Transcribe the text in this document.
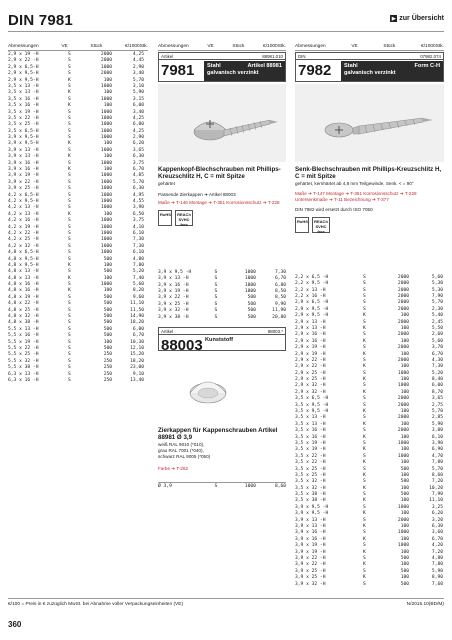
DIN 7981	▶ zur Übersicht
Abmessungen	VE	Stück	€/1000Stk.
2,9 x 19 -H	S	2000	4,25
2,9 x 22 -H	S	2000	4,45
2,9 x 6,5-H	S	1000	2,90
2,9 x 9,5-H	S	2000	3,40
2,9 x 9,5-H	K	100	5,70
3,5 x 13 -H	S	1000	3,10
3,5 x 13 -H	K	100	5,90
3,5 x 16 -H	S	1000	3,15
3,5 x 16 -H	K	100	6,00
3,5 x 19 -H	S	1000	3,40
3,5 x 22 -H	S	1000	4,25
3,5 x 25 -H	S	1000	6,00
3,5 x 6,5-H	S	1000	4,25
3,9 x 9,5-H	S	1000	2,90
3,9 x 9,5-H	K	100	6,20
3,9 x 13 -H	S	1000	3,65
3,9 x 13 -H	K	100	6,30
3,9 x 16 -H	S	1000	3,75
3,9 x 16 -H	K	100	6,70
3,9 x 19 -H	S	1000	4,85
3,9 x 22 -H	S	1000	5,70
3,9 x 25 -H	S	1000	6,30
4,2 x 6,5-H	S	1000	4,95
4,2 x 9,5-H	S	1000	4,55
4,2 x 13 -H	S	1000	3,90
4,2 x 13 -H	K	100	6,50
4,2 x 16 -H	S	1000	3,75
4,2 x 19 -H	S	1000	4,10
4,2 x 22 -H	S	1000	6,10
4,2 x 25 -H	S	1000	7,30
4,2 x 32 -H	S	1000	7,30
4,8 x 6,5-H	S	1000	6,10
4,8 x 9,5-H	S	500	4,80
4,8 x 9,5-H	K	100	7,80
4,8 x 13 -H	S	500	5,20
4,8 x 13 -H	K	100	7,40
4,8 x 16 -H	S	1000	5,60
4,8 x 16 -H	K	100	8,20
4,8 x 19 -H	S	500	9,60
4,8 x 22 -H	S	500	11,10
4,8 x 25 -H	S	500	11,50
4,8 x 32 -H	S	500	14,90
4,8 x 38 -H	S	500	18,20
5,5 x 13 -H	S	500	6,00
5,5 x 16 -H	S	500	6,70
5,5 x 19 -H	S	100	10,30
5,5 x 22 -H	S	500	12,10
5,5 x 25 -H	S	250	15,20
5,5 x 32 -H	S	250	18,20
5,5 x 38 -H	S	250	23,00
6,3 x 13 -H	S	250	9,10
6,3 x 16 -H	S	250	13,40
Abmessungen	VE	Stück	€/1000Stk.
Artikel	88981.010
7981 Stahl	Artikel 88981
galvanisch verzinkt
Kappenkopf-Blechschrauben mit Phillips-Kreuzschlitz H, C = mit Spitze
gehärtet
Passende Zierkappen ➔ Artikel 88003
Maße ➔ T-146 Montage ➔ T-351 Korrosionsschutz ➔ T-228
RoHS	REACh SVHC free
3,9 x 9,5 -H	S	1000	7,30
3,9 x 13 -H	S	1000	6,70
3,9 x 16 -H	S	1000	6,80
3,9 x 19 -H	S	1000	8,50
3,9 x 22 -H	S	500	8,50
3,9 x 25 -H	S	500	9,90
3,9 x 32 -H	S	500	11,90
3,9 x 38 -H	S	500	20,80
Artikel	88003.*
88003 Kunststoff
Zierkappen für Kappenschrauben Artikel 88981 Ø 3,9
weiß RAL 9010 (*010),
grau RAL 7001 (*040),
schwarz RAL 9005 (*050)
Farbe ➔ T-262
Ø 3,9	S	1000	8,60
Abmessungen	VE	Stück	€/1000Stk.
DIN	07982.074
7982 Stahl	Form C-H
galvanisch verzinkt
Senk-Blechschrauben mit Phillips-Kreuzschlitz H, C = mit Spitze
gehärtet, kernhärtet ab 4,8 mm Teilgewinde, Senk. < = 90°
Maße ➔ T-147 Montage ➔ T-351 Korrosionsschutz ➔ T-228 Untersenkmaße ➔ T-11 Bezeichnung ➔ T-377
DIN 7982 wird ersetzt durch ISO 7050
RoHS	REACh SVHC free
2,2 x 6,5 -H	S	2000	5,60
2,2 x 9,5 -H	S	2000	5,30
2,2 x 13 -H	S	2000	5,30
2,2 x 16 -H	S	2000	7,90
2,9 x 6,5 -H	S	2000	5,70
2,9 x 9,5 -H	S	2000	2,30
2,9 x 9,5 -H	K	100	5,40
2,9 x 13 -H	S	2000	2,45
2,9 x 13 -H	K	100	5,50
2,9 x 16 -H	S	2000	2,60
2,9 x 16 -H	K	100	5,60
2,9 x 19 -H	S	2000	3,70
2,9 x 19 -H	K	100	6,70
2,9 x 22 -H	S	2000	4,30
2,9 x 22 -H	K	100	7,30
2,9 x 25 -H	S	1000	5,20
2,9 x 25 -H	K	100	8,40
2,9 x 32 -H	S	1000	6,00
2,9 x 32 -H	K	100	8,70
3,5 x 6,5 -H	S	2000	3,65
3,5 x 9,5 -H	S	2000	2,75
3,5 x 9,5 -H	K	100	5,70
3,5 x 13 -H	S	2000	2,85
3,5 x 13 -H	K	100	5,90
3,5 x 16 -H	S	2000	3,00
3,5 x 16 -H	K	100	6,10
3,5 x 19 -H	S	1000	3,90
3,5 x 19 -H	K	100	6,90
3,5 x 22 -H	S	1000	4,70
3,5 x 22 -H	K	100	7,80
3,5 x 25 -H	S	500	5,70
3,5 x 25 -H	K	100	8,60
3,5 x 32 -H	S	500	7,20
3,5 x 32 -H	K	100	10,20
3,5 x 38 -H	S	500	7,90
3,5 x 38 -H	K	100	11,10
3,9 x 9,5 -H	S	1000	3,25
3,9 x 9,5 -H	K	100	6,20
3,9 x 13 -H	S	2000	3,20
3,9 x 13 -H	K	100	6,30
3,9 x 16 -H	S	1000	3,60
3,9 x 16 -H	K	100	6,70
3,9 x 19 -H	S	1000	4,20
3,9 x 19 -H	K	100	7,20
3,9 x 22 -H	S	500	4,80
3,9 x 22 -H	K	100	7,80
3,9 x 25 -H	S	500	5,90
3,9 x 25 -H	K	100	8,90
3,9 x 32 -H	S	500	7,60
€/100 = Preis in € zuzüglich MwSt. bei Abnahme voller Verpackungseinheiten (VE)	N/2015.10(BD/M)
360
